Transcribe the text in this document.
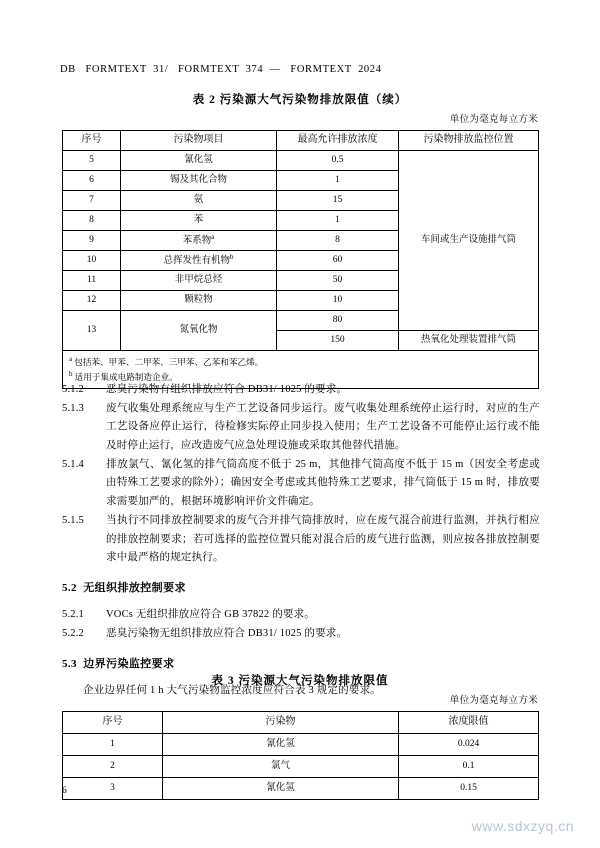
DB   FORMTEXT  31/   FORMTEXT  374  —   FORMTEXT  2024
表 2 污染源大气污染物排放限值（续）
单位为毫克每立方米
序号	污染物项目	最高允许排放浓度	污染物排放监控位置
5	氰化氢	0.5	车间或生产设施排气筒
6	锡及其化合物	1	
7	氨	15	
8	苯	1	
9	苯系物$^a$	8	
10	总挥发性有机物$^b$	60	
11	非甲烷总烃	50	
12	颗粒物	10	
13	氮氧化物	80	
		150	热氧化处理装置排气筒

$^a$ 包括苯、甲苯、二甲苯、三甲苯、乙苯和苯乙烯。
$^b$ 适用于集成电路制造企业。			

5.1.2 恶臭污染物有组织排放应符合 DB31/ 1025 的要求。

5.1.3 废气收集处理系统应与生产工艺设备同步运行。废气收集处理系统停止运行时，对应的生产工艺设备应停止运行，待检修实际停止同步投入使用；生产工艺设备不可能停止运行或不能及时停止运行，应改造废气应急处理设施或采取其他替代措施。

5.1.4 排放氯气、氰化氢的排气筒高度不低于 25 m，其他排气筒高度不低于 15 m（因安全考虑或由特殊工艺要求的除外）；确因安全考虑或其他特殊工艺要求，排气筒低于 15 m 时，排放要求需要加严的，根据环境影响评价文件确定。

5.1.5 当执行不同排放控制要求的废气合并排气筒排放时，应在废气混合前进行监测，并执行相应的排放控制要求；若可选择的监控位置只能对混合后的废气进行监测，则应按各排放控制要求中最严格的规定执行。

5.2 无组织排放控制要求

5.2.1 VOCs 无组织排放应符合 GB 37822 的要求。

5.2.2 恶臭污染物无组织排放应符合 DB31/ 1025 的要求。

5.3 边界污染监控要求

企业边界任何 1 h 大气污染物监控浓度应符合表 3 规定的要求。

表 3 污染源大气污染物排放限值
单位为毫克每立方米
序号	污染物	浓度限值
1	氰化氢	0.024
2	氯气	0.1
3	氰化氢	0.15
6
www.sdxzyq.cn
